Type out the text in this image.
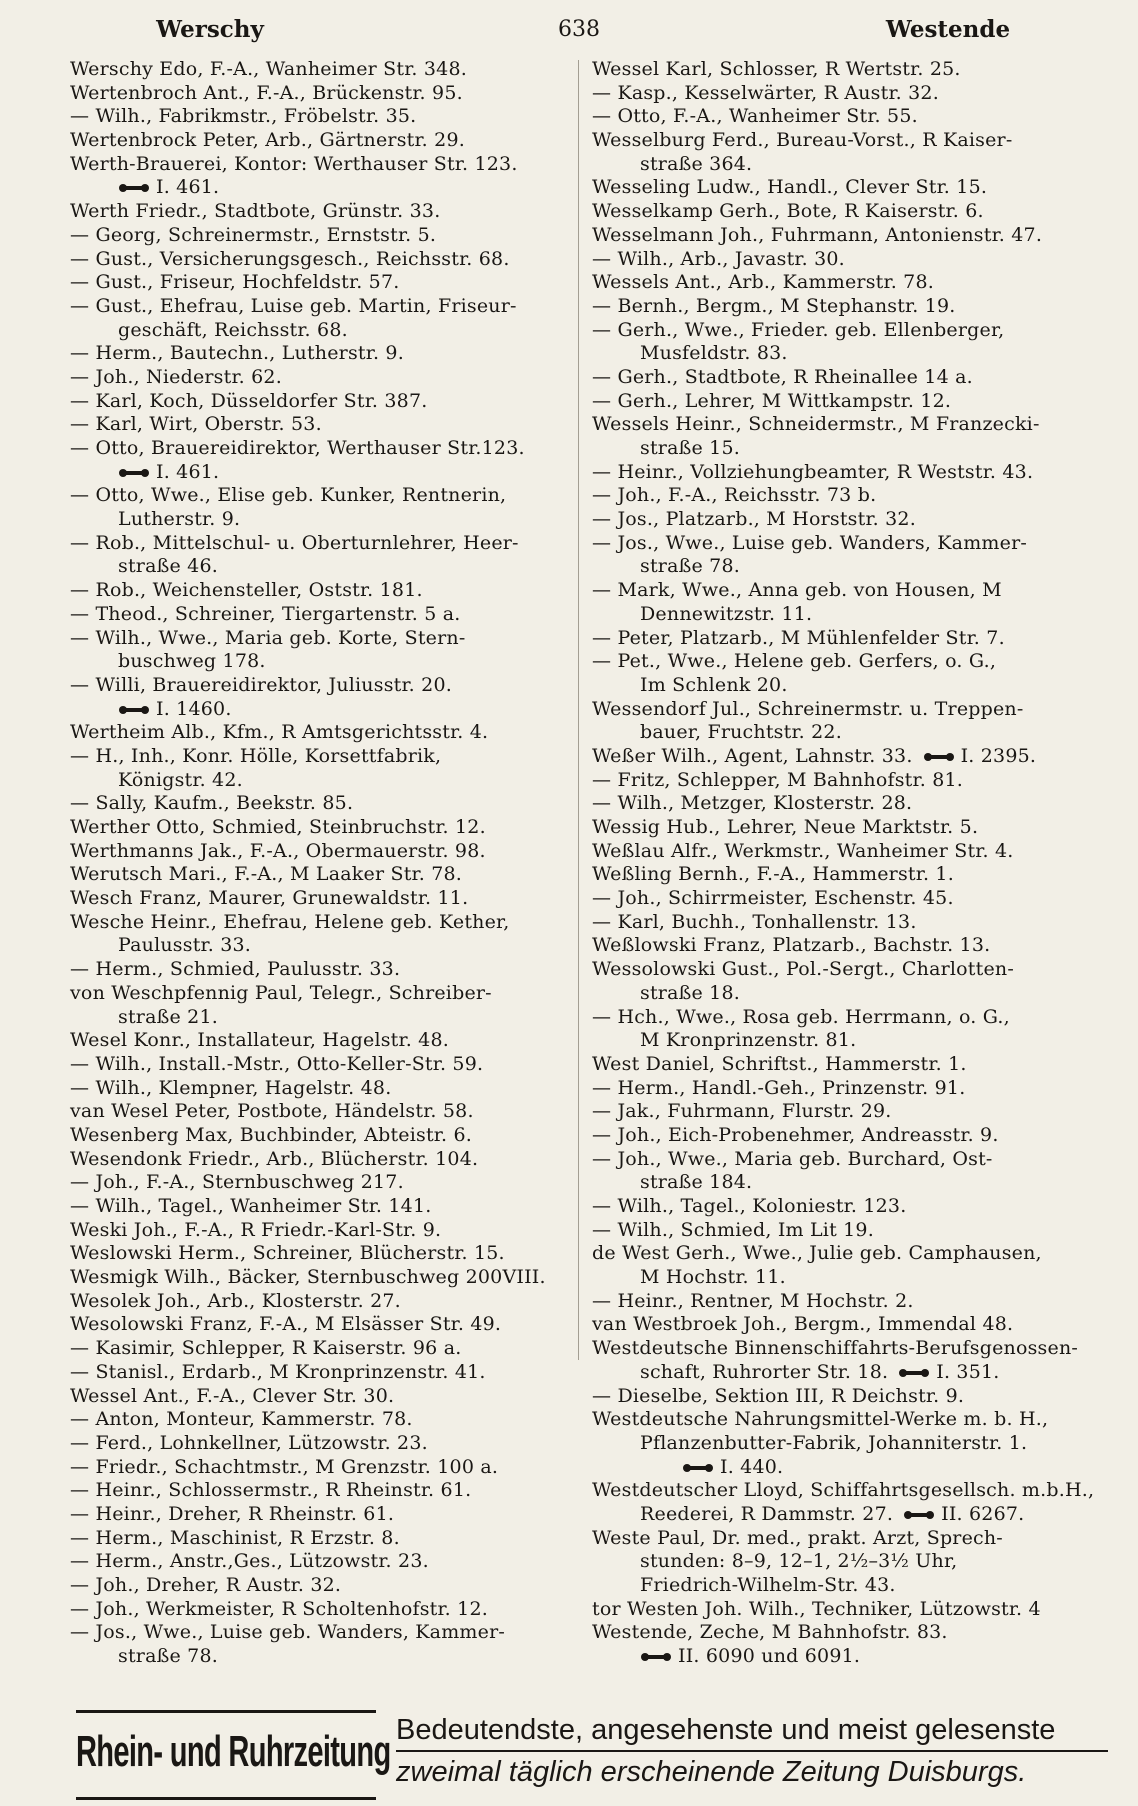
Werschy	638	Westende
Werschy Edo, F.-A., Wanheimer Str. 348.
Wertenbroch Ant., F.-A., Brückenstr. 95.
— Wilh., Fabrikmstr., Fröbelstr. 35.
Wertenbrock Peter, Arb., Gärtnerstr. 29.
Werth-Brauerei, Kontor: Werthauser Str. 123.
I. 461.
Werth Friedr., Stadtbote, Grünstr. 33.
— Georg, Schreinermstr., Ernststr. 5.
— Gust., Versicherungsgesch., Reichsstr. 68.
— Gust., Friseur, Hochfeldstr. 57.
— Gust., Ehefrau, Luise geb. Martin, Friseur-
geschäft, Reichsstr. 68.
— Herm., Bautechn., Lutherstr. 9.
— Joh., Niederstr. 62.
— Karl, Koch, Düsseldorfer Str. 387.
— Karl, Wirt, Oberstr. 53.
— Otto, Brauereidirektor, Werthauser Str.123.
I. 461.
— Otto, Wwe., Elise geb. Kunker, Rentnerin,
Lutherstr. 9.
— Rob., Mittelschul- u. Oberturnlehrer, Heer-
straße 46.
— Rob., Weichensteller, Oststr. 181.
— Theod., Schreiner, Tiergartenstr. 5 a.
— Wilh., Wwe., Maria geb. Korte, Stern-
buschweg 178.
— Willi, Brauereidirektor, Juliusstr. 20.
I. 1460.
Wertheim Alb., Kfm., R Amtsgerichtsstr. 4.
— H., Inh., Konr. Hölle, Korsettfabrik,
Königstr. 42.
— Sally, Kaufm., Beekstr. 85.
Werther Otto, Schmied, Steinbruchstr. 12.
Werthmanns Jak., F.-A., Obermauerstr. 98.
Werutsch Mari., F.-A., M Laaker Str. 78.
Wesch Franz, Maurer, Grunewaldstr. 11.
Wesche Heinr., Ehefrau, Helene geb. Kether,
Paulusstr. 33.
— Herm., Schmied, Paulusstr. 33.
von Weschpfennig Paul, Telegr., Schreiber-
straße 21.
Wesel Konr., Installateur, Hagelstr. 48.
— Wilh., Install.-Mstr., Otto-Keller-Str. 59.
— Wilh., Klempner, Hagelstr. 48.
van Wesel Peter, Postbote, Händelstr. 58.
Wesenberg Max, Buchbinder, Abteistr. 6.
Wesendonk Friedr., Arb., Blücherstr. 104.
— Joh., F.-A., Sternbuschweg 217.
— Wilh., Tagel., Wanheimer Str. 141.
Weski Joh., F.-A., R Friedr.-Karl-Str. 9.
Weslowski Herm., Schreiner, Blücherstr. 15.
Wesmigk Wilh., Bäcker, Sternbuschweg 200VIII.
Wesolek Joh., Arb., Klosterstr. 27.
Wesolowski Franz, F.-A., M Elsässer Str. 49.
— Kasimir, Schlepper, R Kaiserstr. 96 a.
— Stanisl., Erdarb., M Kronprinzenstr. 41.
Wessel Ant., F.-A., Clever Str. 30.
— Anton, Monteur, Kammerstr. 78.
— Ferd., Lohnkellner, Lützowstr. 23.
— Friedr., Schachtmstr., M Grenzstr. 100 a.
— Heinr., Schlossermstr., R Rheinstr. 61.
— Heinr., Dreher, R Rheinstr. 61.
— Herm., Maschinist, R Erzstr. 8.
— Herm., Anstr.,Ges., Lützowstr. 23.
— Joh., Dreher, R Austr. 32.
— Joh., Werkmeister, R Scholtenhofstr. 12.
— Jos., Wwe., Luise geb. Wanders, Kammer-
straße 78.
Wessel Karl, Schlosser, R Wertstr. 25.
— Kasp., Kesselwärter, R Austr. 32.
— Otto, F.-A., Wanheimer Str. 55.
Wesselburg Ferd., Bureau-Vorst., R Kaiser-
straße 364.
Wesseling Ludw., Handl., Clever Str. 15.
Wesselkamp Gerh., Bote, R Kaiserstr. 6.
Wesselmann Joh., Fuhrmann, Antonienstr. 47.
— Wilh., Arb., Javastr. 30.
Wessels Ant., Arb., Kammerstr. 78.
— Bernh., Bergm., M Stephanstr. 19.
— Gerh., Wwe., Frieder. geb. Ellenberger,
Musfeldstr. 83.
— Gerh., Stadtbote, R Rheinallee 14 a.
— Gerh., Lehrer, M Wittkampstr. 12.
Wessels Heinr., Schneidermstr., M Franzecki-
straße 15.
— Heinr., Vollziehungbeamter, R Weststr. 43.
— Joh., F.-A., Reichsstr. 73 b.
— Jos., Platzarb., M Horststr. 32.
— Jos., Wwe., Luise geb. Wanders, Kammer-
straße 78.
— Mark, Wwe., Anna geb. von Housen, M
Dennewitzstr. 11.
— Peter, Platzarb., M Mühlenfelder Str. 7.
— Pet., Wwe., Helene geb. Gerfers, o. G.,
Im Schlenk 20.
Wessendorf Jul., Schreinermstr. u. Treppen-
bauer, Fruchtstr. 22.
Weßer Wilh., Agent, Lahnstr. 33.	I. 2395.
— Fritz, Schlepper, M Bahnhofstr. 81.
— Wilh., Metzger, Klosterstr. 28.
Wessig Hub., Lehrer, Neue Marktstr. 5.
Weßlau Alfr., Werkmstr., Wanheimer Str. 4.
Weßling Bernh., F.-A., Hammerstr. 1.
— Joh., Schirrmeister, Eschenstr. 45.
— Karl, Buchh., Tonhallenstr. 13.
Weßlowski Franz, Platzarb., Bachstr. 13.
Wessolowski Gust., Pol.-Sergt., Charlotten-
straße 18.
— Hch., Wwe., Rosa geb. Herrmann, o. G.,
M Kronprinzenstr. 81.
West Daniel, Schriftst., Hammerstr. 1.
— Herm., Handl.-Geh., Prinzenstr. 91.
— Jak., Fuhrmann, Flurstr. 29.
— Joh., Eich-Probenehmer, Andreasstr. 9.
— Joh., Wwe., Maria geb. Burchard, Ost-
straße 184.
— Wilh., Tagel., Koloniestr. 123.
— Wilh., Schmied, Im Lit 19.
de West Gerh., Wwe., Julie geb. Camphausen,
M Hochstr. 11.
— Heinr., Rentner, M Hochstr. 2.
van Westbroek Joh., Bergm., Immendal 48.
Westdeutsche Binnenschiffahrts-Berufsgenossen-
schaft, Ruhrorter Str. 18.	I. 351.
— Dieselbe, Sektion III, R Deichstr. 9.
Westdeutsche Nahrungsmittel-Werke m. b. H.,
Pflanzenbutter-Fabrik, Johanniterstr. 1.
I. 440.
Westdeutscher Lloyd, Schiffahrtsgesellsch. m.b.H.,
Reederei, R Dammstr. 27.	II. 6267.
Weste Paul, Dr. med., prakt. Arzt, Sprech-
stunden: 8–9, 12–1, 2½–3½ Uhr,
Friedrich-Wilhelm-Str. 43.
tor Westen Joh. Wilh., Techniker, Lützowstr. 4
Westende, Zeche, M Bahnhofstr. 83.
II. 6090 und 6091.
Rhein- und Ruhrzeitung Bedeutendste, angesehenste und meist gelesenste
zweimal täglich erscheinende Zeitung Duisburgs.
